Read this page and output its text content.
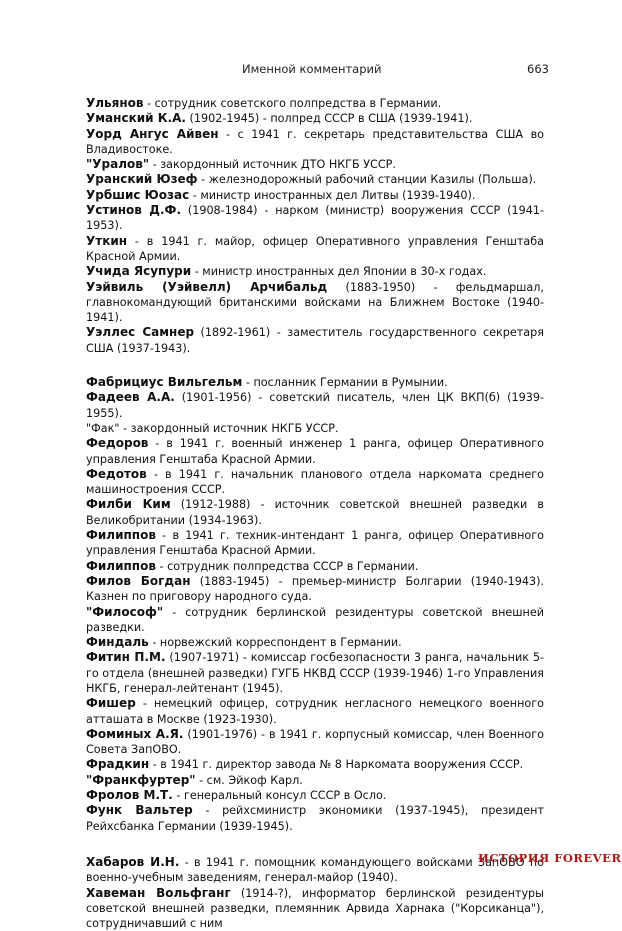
Именной комментарий	663

Ульянов - сотрудник советского полпредства в Германии.

Уманский К.А. (1902-1945) - полпред СССР в США (1939-1941).

Уорд Ангус Айвен - с 1941 г. секретарь представительства США во Владивостоке.

"Уралов" - закордонный источник ДТО НКГБ УССР.

Уранский Юзеф - железнодорожный рабочий станции Казилы (Польша).

Урбшис Юозас - министр иностранных дел Литвы (1939-1940).

Устинов Д.Ф. (1908-1984) - нарком (министр) вооружения СССР (1941-1953).

Уткин - в 1941 г. майор, офицер Оперативного управления Генштаба Красной Армии.

Учида Ясупури - министр иностранных дел Японии в 30-х годах.

Уэйвиль (Уэйвелл) Арчибальд (1883-1950) - фельдмаршал, главнокомандующий британскими войсками на Ближнем Востоке (1940-1941).

Уэллес Самнер (1892-1961) - заместитель государственного секретаря США (1937-1943).

Фабрициус Вильгельм - посланник Германии в Румынии.

Фадеев А.А. (1901-1956) - советский писатель, член ЦК ВКП(б) (1939-1955).

"Фак" - закордонный источник НКГБ УССР.

Федоров - в 1941 г. военный инженер 1 ранга, офицер Оперативного управления Генштаба Красной Армии.

Федотов - в 1941 г. начальник планового отдела наркомата среднего машиностроения СССР.

Филби Ким (1912-1988) - источник советской внешней разведки в Великобритании (1934-1963).

Филиппов - в 1941 г. техник-интендант 1 ранга, офицер Оперативного управления Генштаба Красной Армии.

Филиппов - сотрудник полпредства СССР в Германии.

Филов Богдан (1883-1945) - премьер-министр Болгарии (1940-1943). Казнен по приговору народного суда.

"Философ" - сотрудник берлинской резидентуры советской внешней разведки.

Финдаль - норвежский корреспондент в Германии.

Фитин П.М. (1907-1971) - комиссар госбезопасности 3 ранга, начальник 5-го отдела (внешней разведки) ГУГБ НКВД СССР (1939-1946) 1-го Управления НКГБ, генерал-лейтенант (1945).

Фишер - немецкий офицер, сотрудник негласного немецкого военного атташата в Москве (1923-1930).

Фоминых А.Я. (1901-1976) - в 1941 г. корпусный комиссар, член Военного Совета ЗапОВО.

Фрадкин - в 1941 г. директор завода № 8 Наркомата вооружения СССР.

"Франкфуртер" - см. Эйкоф Карл.

Фролов М.Т. - генеральный консул СССР в Осло.

Функ Вальтер - рейхсминистр экономики (1937-1945), президент Рейхсбанка Германии (1939-1945).

Хабаров И.Н. - в 1941 г. помощник командующего войсками ЗапОВО по военно-учебным заведениям, генерал-майор (1940).

Хавеман Вольфганг (1914-?), информатор берлинской резидентуры советской внешней разведки, племянник Арвида Харнака ("Корсиканца"), сотрудничавший с ним

ИСТОРИЯ FOREVER
